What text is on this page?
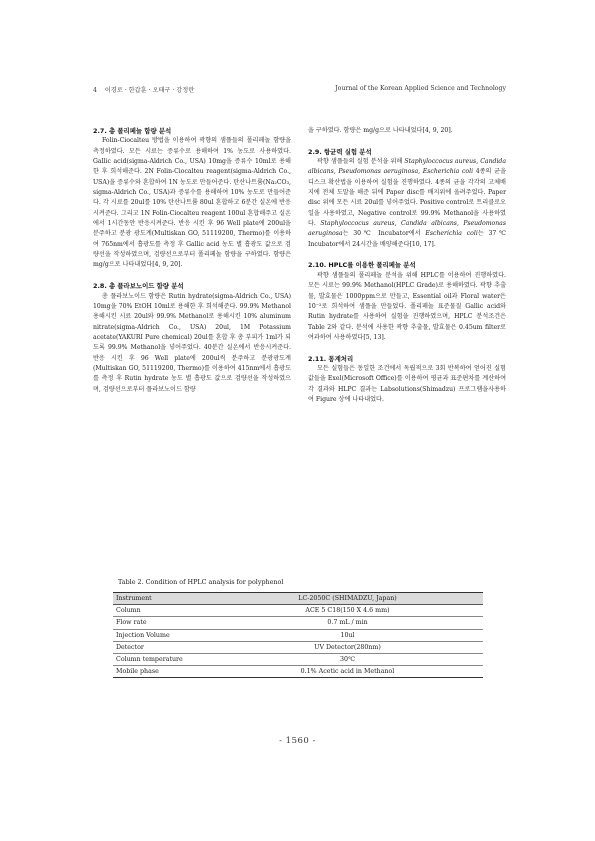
4 이경로 · 한갑훈 · 오태구 · 강정란	Journal of the Korean Applied Science and Technology
2.7. 총 폴리페놀 함량 분석

Folin-Ciocalteu 방법을 이용하여 곽향의 샘플들의 폴리페놀 함량을 측정하였다. 모든 시료는 증류수로 용해하여 1% 농도로 사용하였다. Gallic acid(sigma-Aldrich Co., USA) 10mg을 증류수 10ml로 용해한 후 희석해준다. 2N Folin-Ciocalteu reagent(sigma-Aldrich Co., USA)을 증류수와 혼합하여 1N 농도로 만들어준다. 탄산나트륨(Na₂CO₃, sigma-Aldrich Co., USA)과 증류수를 용해하여 10% 농도로 만들어준다. 각 시료를 20ul를 10% 탄산나트륨 80ul 혼합하고 6분간 실온에 반응시켜준다. 그리고 1N Folin-Ciocalteu reagent 100ul 혼합해주고 실온에서 1시간동안 반응시켜준다. 반응 시킨 후 96 Well plate에 200ul을 분주하고 분광 광도계(Multiskan GO, 51119200, Thermo)를 이용하여 765nm에서 흡광도를 측정 후 Gallic acid 농도 별 흡광도 값으로 검량선을 작성하였으며, 검량선으로부터 폴리페놀 함량을 구하였다. 함량은 mg/g으로 나타내었다[4, 9, 20].

2.8. 총 플라보노이드 함량 분석

총 플라보노이드 함량은 Rutin hydrate(sigma-Aldrich Co., USA) 10mg을 70% EtOH 10ml로 용해한 후 희석해준다. 99.9% Methanol 용해시킨 시료 20ul와 99.9% Methanol로 용해시킨 10% aluminum nitrate(sigma-Aldrich Co., USA) 20ul, 1M Potassium acetate(YAKURI Pure chemical) 20ul를 혼합 후 총 부피가 1ml가 되도록 99.9% Methanol을 넣어주었다. 40분간 실온에서 반응시켜준다. 반응 시킨 후 96 Well plate에 200ul씩 분주하고 분광광도계(Multiskan GO, 51119200, Thermo)를 이용하여 415nm에서 흡광도를 측정 후 Rutin hydrate 농도 별 흡광도 값으로 검량선을 작성하였으며, 검량선으로부터 플라보노이드 함량

을 구하였다. 함량은 mg/g으로 나타내었다[4, 9, 20].

2.9. 항균력 실험 분석

곽향 샘플들의 실험 분석을 위해 Staphyloccocus aureus, Candida albicans, Pseudomonas aeruginosa, Escherichia coli 4종의 균을 디스크 확산법을 이용하여 실험을 진행하였다. 4종의 균을 각각의 고체배지에 전체 도말을 해준 뒤에 Paper disc를 배지위에 올려주었다. Paper disc 위에 모든 시료 20ul를 넣어주었다. Positive control로 트리클로오일을 사용하였고, Negative control로 99.9% Methanol을 사용하였다. Staphyloccocus aureus, Candida albicans, Pseudomonas aeruginosa는 30℃ Incubator에서 Escherichia coli는 37℃ Incubator에서 24시간을 배양해준다[10, 17].

2.10. HPLC를 이용한 폴리페놀 분석

곽향 샘플들의 폴리페놀 분석을 위해 HPLC를 이용하여 진행하였다. 모든 시료는 99.9% Methanol(HPLC Grade)로 용해하였다. 곽향 추출물, 발효물은 1000ppm으로 만들고, Essential oil과 Floral water은 10⁻²로 희석하여 샘플을 만들었다. 폴리페놀 표준물질 Gallic acid와 Rutin hydrate를 사용하여 실험을 진행하였으며, HPLC 분석조건은 Table 2와 같다. 분석에 사용한 곽향 추출물, 발효물은 0.45um filter로 여과하여 사용하였다[5, 13].

2.11. 통계처리

모든 실험들은 동일한 조건에서 독립적으로 3회 반복하여 얻어진 실험 값들을 Exel(Microsoft Office)를 이용하여 평균과 표준편차를 계산하여 각 결과와 HLPC 결과는 Labsolutions(Shimadzu) 프로그램을사용하여 Figure 상에 나타내었다.

Table 2. Condition of HPLC analysis for polyphenol
Instrument	LC-2050C (SHIMADZU, Japan)
Column	ACE 5 C18(150 X 4.6 mm)
Flow rate	0.7 mL / min
Injection Volume	10ul
Detector	UV Detector(280nm)
Column temperature	30℃
Mobile phase	0.1% Acetic acid in Methanol
- 1560 -
